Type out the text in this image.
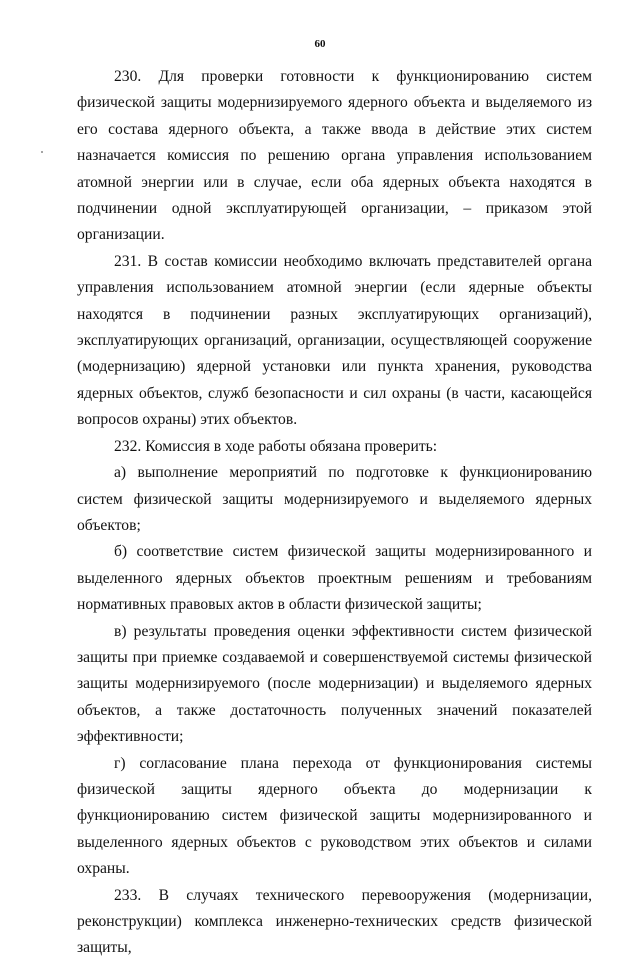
60

230. Для проверки готовности к функционированию систем физической защиты модернизируемого ядерного объекта и выделяемого из его состава ядерного объекта, а также ввода в действие этих систем назначается комиссия по решению органа управления использованием атомной энергии или в случае, если оба ядерных объекта находятся в подчинении одной эксплуатирующей организации, – приказом этой организации.

231. В состав комиссии необходимо включать представителей органа управления использованием атомной энергии (если ядерные объекты находятся в подчинении разных эксплуатирующих организаций), эксплуатирующих организаций, организации, осуществляющей сооружение (модернизацию) ядерной установки или пункта хранения, руководства ядерных объектов, служб безопасности и сил охраны (в части, касающейся вопросов охраны) этих объектов.

232. Комиссия в ходе работы обязана проверить:

а) выполнение мероприятий по подготовке к функционированию систем физической защиты модернизируемого и выделяемого ядерных объектов;

б) соответствие систем физической защиты модернизированного и выделенного ядерных объектов проектным решениям и требованиям нормативных правовых актов в области физической защиты;

в) результаты проведения оценки эффективности систем физической защиты при приемке создаваемой и совершенствуемой системы физической защиты модернизируемого (после модернизации) и выделяемого ядерных объектов, а также достаточность полученных значений показателей эффективности;

г) согласование плана перехода от функционирования системы физической защиты ядерного объекта до модернизации к функционированию систем физической защиты модернизированного и выделенного ядерных объектов с руководством этих объектов и силами охраны.

233. В случаях технического перевооружения (модернизации, реконструкции) комплекса инженерно-технических средств физической защиты,
